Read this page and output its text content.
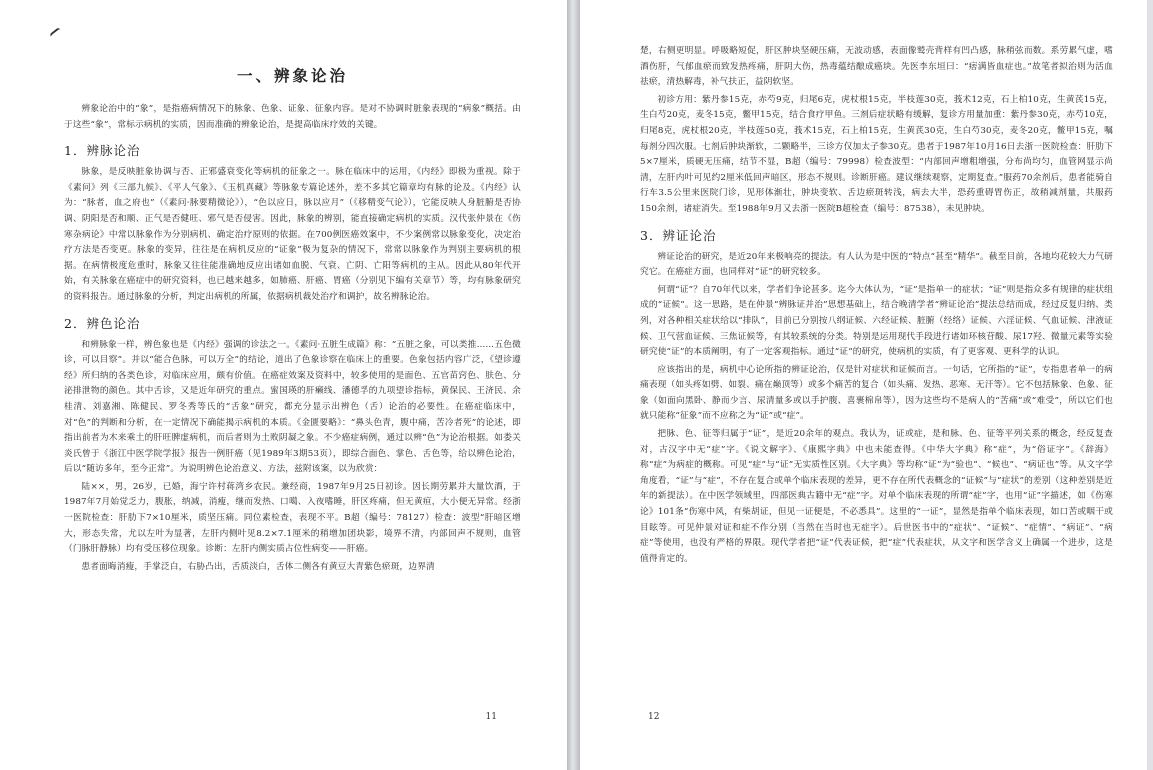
一、辨象论治

辨象论治中的“象”，是指癌病情况下的脉象、色象、证象、征象内容。是对不协调时脏象表现的“病象”概括。由于这些“象”，常标示病机的实质，因而准确的辨象论治，是提高临床疗效的关键。

1．辨脉论治

脉象，是反映脏象协调与否、正邪盛衰变化等病机的征象之一。脉在临床中的运用，《内经》即极为重视。除于《素问》列《三部九候》、《平人气象》、《玉机真藏》等脉象专篇论述外，差不多其它篇章均有脉的论及。《内经》认为：“脉者，血之府也”（《素问·脉要精微论》），“色以应日，脉以应月”（《移精变气论》），它能反映人身脏腑是否协调、阴阳是否和顺、正气是否健旺、邪气是否侵害。因此，脉象的辨别，能直接确定病机的实质。汉代张仲景在《伤寒杂病论》中常以脉象作为分别病机、确定治疗原则的依据。在700例医癌效案中，不少案例常以脉象变化，决定治疗方法是否变更。脉象的变异，往往是在病机反应的“证象”极为复杂的情况下，常常以脉象作为判别主要病机的根据。在病情极度危重时，脉象又往往能准确地反应出诸如血脱、气衰、亡阴、亡阳等病机的主从。因此从80年代开始，有关脉象在癌症中的研究资料，也已越来越多，如肺癌、肝癌、胃癌（分别见下编有关章节）等，均有脉象研究的资料报告。通过脉象的分析，判定出病机的所属，依据病机裁处治疗和调护，故名辨脉论治。

2．辨色论治

和辨脉象一样，辨色象也是《内经》强调的诊法之一。《素问·五脏生成篇》称：“五脏之象，可以类推……五色微诊，可以目察”。并以“能合色脉，可以万全”的结论，道出了色象诊察在临床上的重要。色象包括内容广泛，《望诊遵经》所归纳的各类色诊，对临床应用，颇有价值。在癌症效案及资料中，较多使用的是面色、五官苗窍色、肤色、分泌排泄物的颜色。其中舌诊，又是近年研究的重点。蜜国瑛的肝癞线、潘德孚的九项望诊指标，黄保民、王济民、余桂清、刘嘉湘、陈健民、罗冬秀等氏的“舌象”研究，都充分显示出辨色（舌）论治的必要性。在癌症临床中，对“色”的判断和分析，在一定情况下确能揭示病机的本质。《金匮要略》：“鼻头色青，腹中痛，苦冷者死”的论述，即指出前者为木来乘土的肝旺脾虚病机，而后者则为土败阴凝之象。不少癌症病例，通过以辨“色”为论治根据。如娄关炎氏曾于《浙江中医学院学报》报告一例肝癌（见1989年3期53页），即综合面色、掌色、舌色等，给以辨色论治，后以“随访多年，至今正常”。为说明辨色论治意义、方法，兹附该案，以为欣赏：

陆××，男，26岁，已婚，海宁许村蒋湾乡农民。兼经商，1987年9月25日初诊。因长期劳累并大量饮酒，于1987年7月始觉乏力，腹胀，纳减，消瘦，继而发热、口噶、入夜嗜睡，肝区疼痛，但无黄疸，大小便无异常。经浙一医院检查：肝肋下7×10厘米，质坚压痛。同位素检查，表现不平。B超（编号：78127）检查：波型“肝暗区增大，形态失常，尤以左叶为显著，左肝内侧叶见8.2×7.1厘米的稍增加团块影，境界不清，内部回声不规则，血管（门脉肝静脉）均有受压移位现象。诊断：左肝内侧实质占位性病变——肝癌。

患者面晦消瘦，手掌泛白，右胁凸出，舌质淡白，舌体二侧各有黄豆大青紫色瘀斑，边界清

11

楚，右侧更明显。呼吸略短促，肝区肿块坚硬压痛，无波动感，表面像鹫壳背样有凹凸感，脉稍弦而数。系劳累气虚，嗜酒伤肝，气郁血瘀而致发热疼痛，肝阴大伤，热毒蕴结酿成癌块。先医李东垣曰：“痞满皆血症也。”故笔者拟治则为活血祛瘀，清热解毒，补气扶正，益阴软坚。

初诊方用：紫丹参15克，赤芍9克，归尾6克，虎杖根15克，半枝莲30克，莪术12克，石上柏10克，生黄芪15克，生白芍20克，麦冬15克，鳖甲15克，结合食疗甲鱼。三剂后症状略有缓解，复诊方用量加重：紫丹参30克，赤芍10克，归尾8克，虎杖根20克，半枝莲50克，莪术15克，石上柏15克，生黄芪30克，生白芍30克，麦冬20克，鳖甲15克，嘱每剂分四次服。七剂后肿块渐软，二颗略半，三诊方仅加太子参30克。患者于1987年10月16日去浙一医院检查：肝肋下5×7厘米，质硬无压痛，结节不显，B超（编号：79998）检查波型：“内部回声增粗增强，分布尚均匀，血管网显示尚清，左肝内叶可见约2厘米低回声暗区，形态不规则。诊断肝癌。建议继续观察，定期复查。”服药70余剂后，患者能骑自行车3.5公里来医院门诊，见形体渐壮，肿块变软、舌边瘀斑转浅，病去大半，恐药重碍胃伤正，故稍减剂量，共服药150余剂，诸症消失。至1988年9月又去浙一医院B超检查（编号：87538），未见肿块。

3．辨证论治

辨证论治的研究，是近20年来极响亮的提法。有人认为是中医的“特点”甚至“精华”。截至目前，各地均花较大力气研究它。在癌症方面，也同样对“证”的研究较多。

何谓“证”？自70年代以来，学者们争论甚多。迄今大体认为，“证”是指单一的症状；“证”则是指众多有规律的症状组成的“证候”。这一思路，是在仲景“辨脉证并治”思想基础上，结合晚清学者“辨证论治”提法总结而成，经过反复归纳、类列，对各种相关症状给以“排队”，目前已分别按八纲证候、六经证候、脏腑（经络）证候、六淫证候、气血证候、津液证候、卫气营血证候、三焦证候等，有其较系统的分类。特别是运用现代手段进行诸如环核苷酸、尿17羟、微量元素等实验研究使“证”的本质阐明，有了一定客观指标。通过“证”的研究，使病机的实质，有了更客观、更科学的认识。

应该指出的是，病机中心论所指的辨证论治，仅是针对症状和证候而言。一句话，它所指的“证”，专指患者单一的病痛表现（如头疼如劈、如裂、痛在巅顶等）或多个痛苦的复合（如头痛、发热、恶寒、无汗等）。它不包括脉象、色象、征象（如面向黑卧、静而少言、尿清量多或以手护腹、喜裹棉帛等），因为这些均不是病人的“苦痛”或“难受”，所以它们也就只能称“征象”而不应称之为“证”或“症”。

把脉、色、征等归属于“证”，是近20余年的观点。我认为，证或症，是和脉、色、征等平列关系的概念，经反复查对，古汉字中无“症”字。《说文解字》、《康熙字典》中也未能查得。《中华大字典》称“症”，为“俗证字”。《辞海》称“症”为病症的概称。可见“症”与“证”无实质性区别。《大字典》等均称“证”为“验也”、“候也”、“病证也”等。从文字学角度看，“证”与“症”，不存在复合或单个临床表现的差异，更不存在所代表概念的“证候”与“症状”的差别（这种差别是近年的新提法）。在中医学领域里，四部医典古籍中无“症”字。对单个临床表现的所谓“症”字，也用“证”字描述，如《伤寒论》101条“伤寒中风，有柴胡证，但见一证便是，不必悉具”。这里的“一证”，显然是指单个临床表现，如口苦或咽干或目眩等。可见仲景对证和症不作分别（当然在当时也无症字）。后世医书中的“症状”、“证候”、“症情”、“病证”、“病症”等使用，也没有严格的界限。现代学者把“证”代表证候，把“症”代表症状，从文字和医学含义上确属一个进步，这是值得肯定的。

12
